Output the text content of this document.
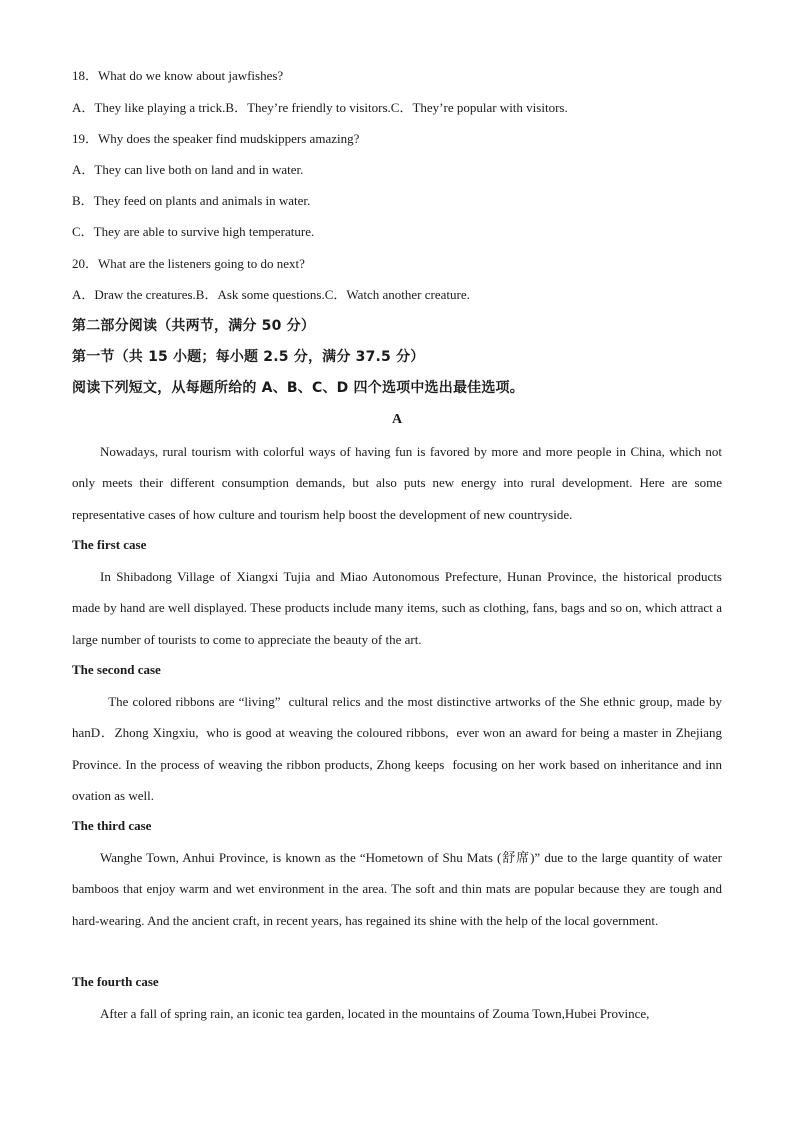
18．What do we know about jawfishes?
A．They like playing a trick.B．They’re friendly to visitors.C．They’re popular with visitors.
19．Why does the speaker find mudskippers amazing?
A．They can live both on land and in water.
B．They feed on plants and animals in water.
C．They are able to survive high temperature.
20．What are the listeners going to do next?
A．Draw the creatures.B．Ask some questions.C．Watch another creature.
第二部分阅读（共两节，满分 50 分）
第一节（共 15 小题；每小题 2.5 分，满分 37.5 分）
阅读下列短文，从每题所给的 A、B、C、D 四个选项中选出最佳选项。
A
Nowadays, rural tourism with colorful ways of having fun is favored by more and more people in China, which not only meets their different consumption demands, but also puts new energy into rural development. Here are some representative cases of how culture and tourism help boost the development of new countryside.
The first case
In Shibadong Village of Xiangxi Tujia and Miao Autonomous Prefecture, Hunan Province, the historical products made by hand are well displayed. These products include many items, such as clothing, fans, bags and so on, which attract a large number of tourists to come to appreciate the beauty of the art.
The second case
The colored ribbons are “living”  cultural relics and the most distinctive artworks of the She ethnic group, made by hanD．Zhong Xingxiu,  who is good at weaving the coloured ribbons,  ever won an award for being a master in Zhejiang  Province. In the process of weaving the ribbon products, Zhong keeps  focusing on her work based on inheritance and inn ovation as well.
The third case
Wanghe Town, Anhui Province, is known as the “Hometown of Shu Mats (舒席)” due to the large quantity of water bamboos that enjoy warm and wet environment in the area. The soft and thin mats are popular because they are tough and hard-wearing. And the ancient craft, in recent years, has regained its shine with the help of the local government.
The fourth case
After a fall of spring rain, an iconic tea garden, located in the mountains of Zouma Town,Hubei Province,
